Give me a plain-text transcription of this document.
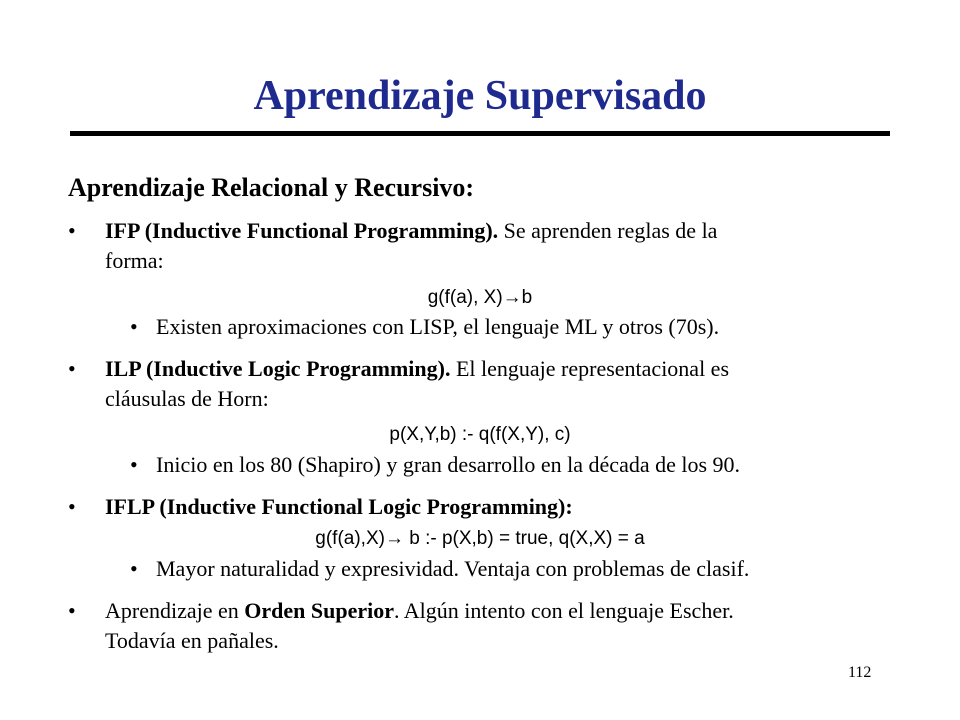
Aprendizaje Supervisado
Aprendizaje Relacional y Recursivo:
• IFP (Inductive Functional Programming). Se aprenden reglas de la
forma:
g(f(a), X)→b
• Existen aproximaciones con LISP, el lenguaje ML y otros (70s).
• ILP (Inductive Logic Programming). El lenguaje representacional es
cláusulas de Horn:
p(X,Y,b) :- q(f(X,Y), c)
• Inicio en los 80 (Shapiro) y gran desarrollo en la década de los 90.
• IFLP (Inductive Functional Logic Programming):
g(f(a),X)→ b :- p(X,b) = true, q(X,X) = a
• Mayor naturalidad y expresividad. Ventaja con problemas de clasif.
• Aprendizaje en Orden Superior. Algún intento con el lenguaje Escher.
Todavía en pañales.
112
